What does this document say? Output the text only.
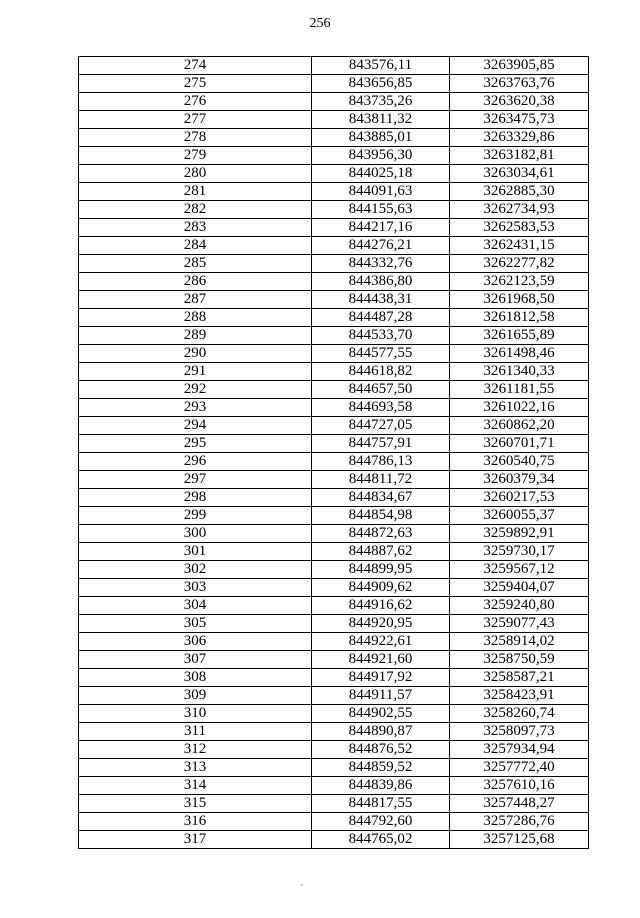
256
274	843576,11	3263905,85
275	843656,85	3263763,76
276	843735,26	3263620,38
277	843811,32	3263475,73
278	843885,01	3263329,86
279	843956,30	3263182,81
280	844025,18	3263034,61
281	844091,63	3262885,30
282	844155,63	3262734,93
283	844217,16	3262583,53
284	844276,21	3262431,15
285	844332,76	3262277,82
286	844386,80	3262123,59
287	844438,31	3261968,50
288	844487,28	3261812,58
289	844533,70	3261655,89
290	844577,55	3261498,46
291	844618,82	3261340,33
292	844657,50	3261181,55
293	844693,58	3261022,16
294	844727,05	3260862,20
295	844757,91	3260701,71
296	844786,13	3260540,75
297	844811,72	3260379,34
298	844834,67	3260217,53
299	844854,98	3260055,37
300	844872,63	3259892,91
301	844887,62	3259730,17
302	844899,95	3259567,12
303	844909,62	3259404,07
304	844916,62	3259240,80
305	844920,95	3259077,43
306	844922,61	3258914,02
307	844921,60	3258750,59
308	844917,92	3258587,21
309	844911,57	3258423,91
310	844902,55	3258260,74
311	844890,87	3258097,73
312	844876,52	3257934,94
313	844859,52	3257772,40
314	844839,86	3257610,16
315	844817,55	3257448,27
316	844792,60	3257286,76
317	844765,02	3257125,68
